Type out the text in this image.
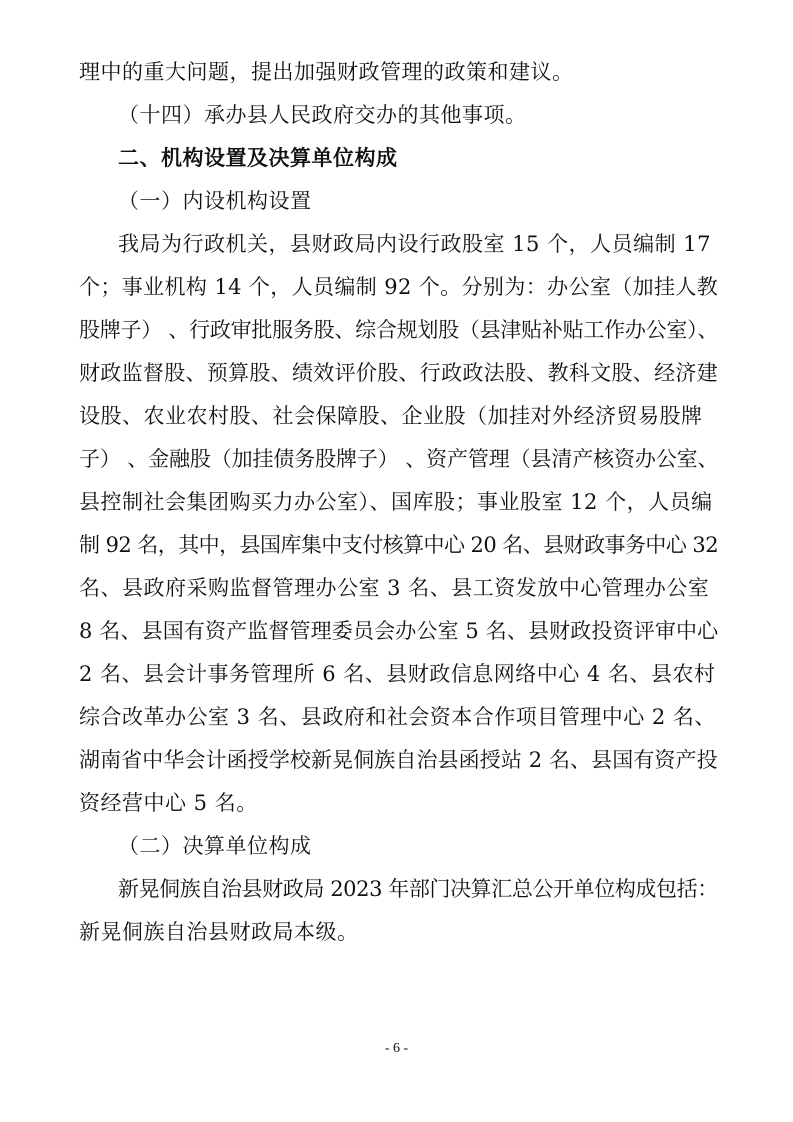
理中的重大问题，提出加强财政管理的政策和建议。
（十四）承办县人民政府交办的其他事项。
二、机构设置及决算单位构成
（一）内设机构设置
我局为行政机关，县财政局内设行政股室 15 个，人员编制 17
个；事业机构 14 个，人员编制 92 个。分别为：办公室（加挂人教
股牌子） 、行政审批服务股、综合规划股（县津贴补贴工作办公室）、
财政监督股、预算股、绩效评价股、行政政法股、教科文股、经济建
设股、农业农村股、社会保障股、企业股（加挂对外经济贸易股牌
子） 、金融股（加挂债务股牌子） 、资产管理（县清产核资办公室、
县控制社会集团购买力办公室）、国库股；事业股室 12 个，人员编
制 92 名，其中，县国库集中支付核算中心 20 名、县财政事务中心 32
名、县政府采购监督管理办公室 3 名、县工资发放中心管理办公室
8 名、县国有资产监督管理委员会办公室 5 名、县财政投资评审中心
2 名、县会计事务管理所 6 名、县财政信息网络中心 4 名、县农村
综合改革办公室 3 名、县政府和社会资本合作项目管理中心 2 名、
湖南省中华会计函授学校新晃侗族自治县函授站 2 名、县国有资产投
资经营中心 5 名。
（二）决算单位构成
新晃侗族自治县财政局 2023 年部门决算汇总公开单位构成包括：
新晃侗族自治县财政局本级。
- 6 -
